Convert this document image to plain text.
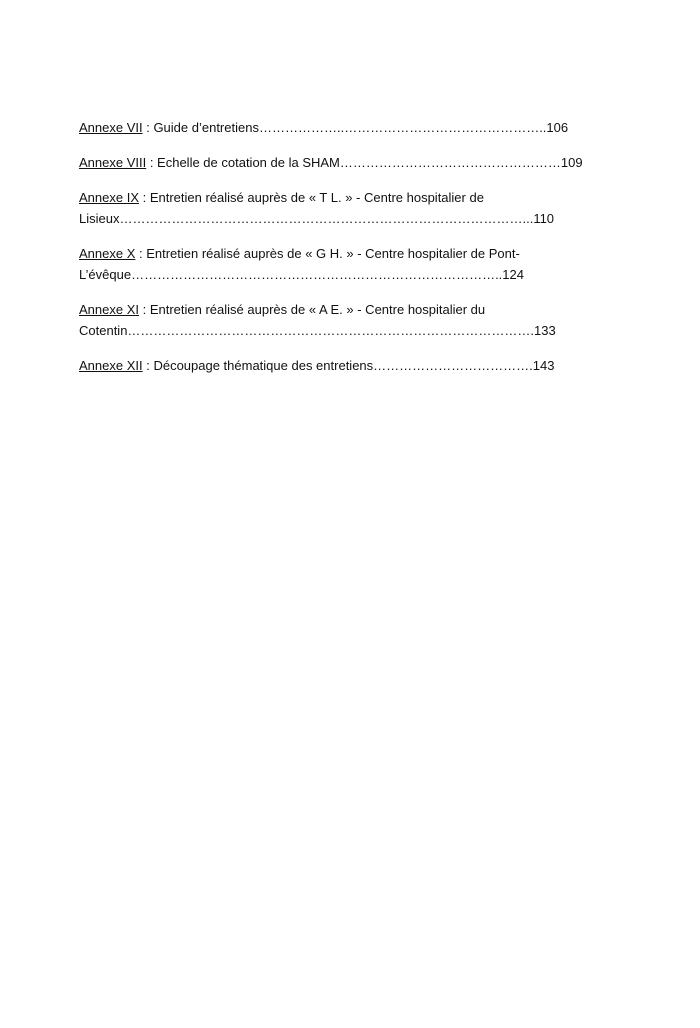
Annexe VII : Guide d’entretiens………………..………………………………………..106
Annexe VIII : Echelle de cotation de la SHAM……………………………………………109
Annexe IX : Entretien réalisé auprès de « T L. » - Centre hospitalier de
Lisieux…………………………………………………………………………………...110
Annexe X : Entretien réalisé auprès de « G H. » - Centre hospitalier de Pont-
L’évêque…………………………………………………………………………..124
Annexe XI : Entretien réalisé auprès de « A E. » - Centre hospitalier du
Cotentin………………………………………………………………………………….133
Annexe XII : Découpage thématique des entretiens……………………………….143
